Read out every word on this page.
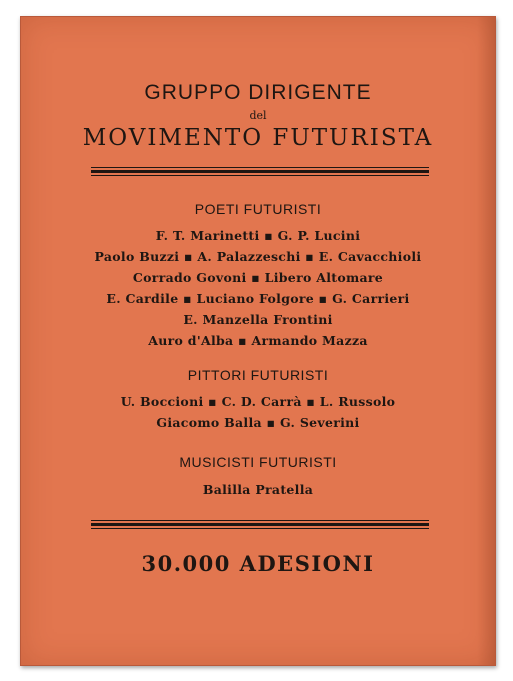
GRUPPO DIRIGENTE
del
MOVIMENTO FUTURISTA
POETI FUTURISTI
F. T. Marinetti ▪ G. P. Lucini
Paolo Buzzi ▪ A. Palazzeschi ▪ E. Cavacchioli
Corrado Govoni ▪ Libero Altomare
E. Cardile ▪ Luciano Folgore ▪ G. Carrieri
E. Manzella Frontini
Auro d'Alba ▪ Armando Mazza
PITTORI FUTURISTI
U. Boccioni ▪ C. D. Carrà ▪ L. Russolo
Giacomo Balla ▪ G. Severini
MUSICISTI FUTURISTI
Balilla Pratella
30.000 ADESIONI
